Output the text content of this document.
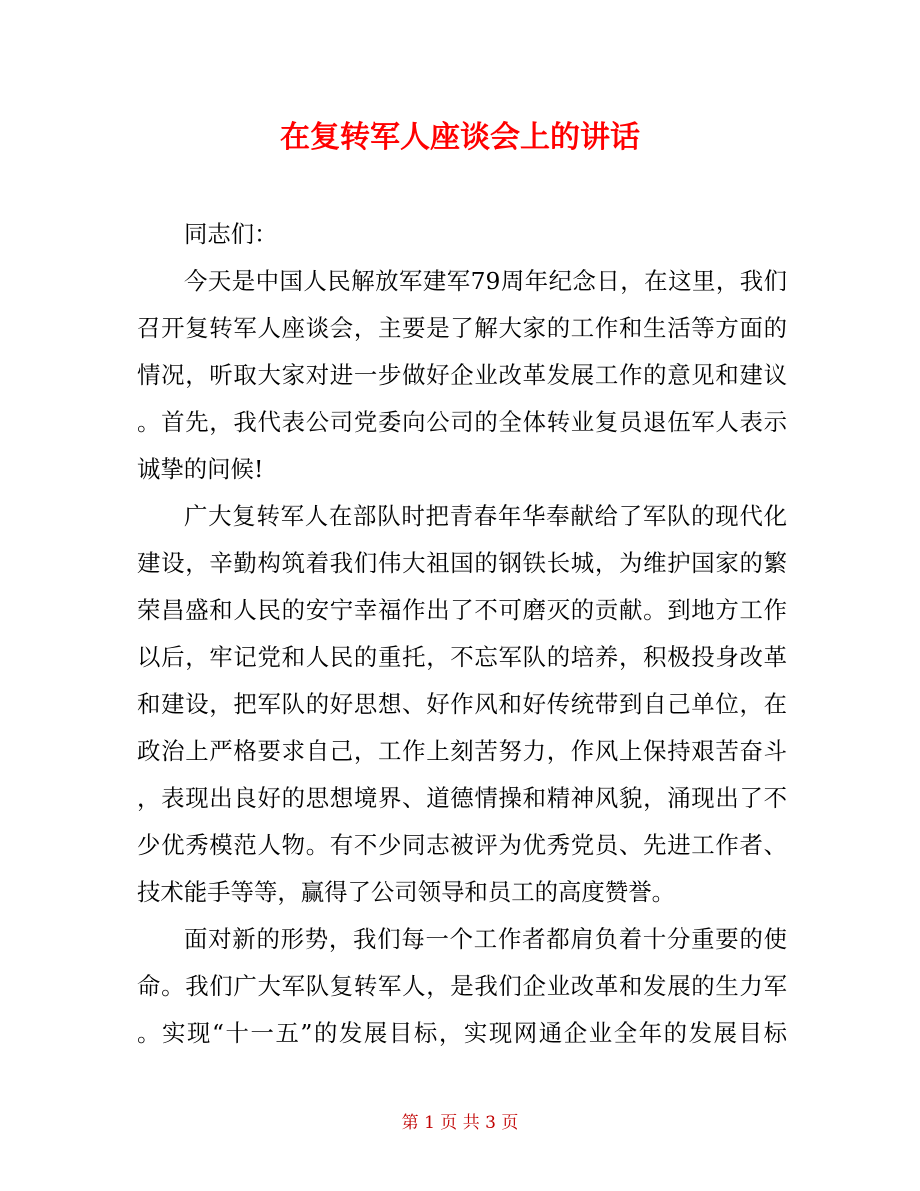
在复转军人座谈会上的讲话
同志们：
今天是中国人民解放军建军79周年纪念日，在这里，我们
召开复转军人座谈会，主要是了解大家的工作和生活等方面的
情况，听取大家对进一步做好企业改革发展工作的意见和建议
。首先，我代表公司党委向公司的全体转业复员退伍军人表示
诚挚的问候!
广大复转军人在部队时把青春年华奉献给了军队的现代化
建设，辛勤构筑着我们伟大祖国的钢铁长城，为维护国家的繁
荣昌盛和人民的安宁幸福作出了不可磨灭的贡献。到地方工作
以后，牢记党和人民的重托，不忘军队的培养，积极投身改革
和建设，把军队的好思想、好作风和好传统带到自己单位，在
政治上严格要求自己，工作上刻苦努力，作风上保持艰苦奋斗
，表现出良好的思想境界、道德情操和精神风貌，涌现出了不
少优秀模范人物。有不少同志被评为优秀党员、先进工作者、
技术能手等等，赢得了公司领导和员工的高度赞誉。
面对新的形势，我们每一个工作者都肩负着十分重要的使
命。我们广大军队复转军人，是我们企业改革和发展的生力军
。实现“十一五”的发展目标，实现网通企业全年的发展目标
第 1 页 共 3 页
